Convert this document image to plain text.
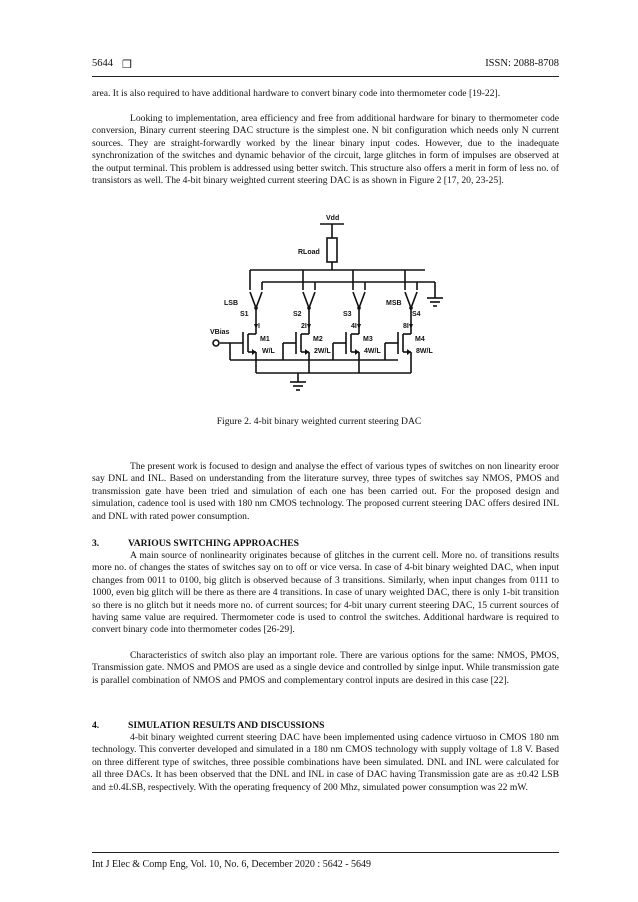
5644 ❒	ISSN: 2088-8708

area. It is also required to have additional hardware to convert binary code into thermometer code [19-22].

Looking to implementation, area efficiency and free from additional hardware for binary to thermometer code conversion, Binary current steering DAC structure is the simplest one. N bit configuration which needs only N current sources. They are straight-forwardly worked by the linear binary input codes. However, due to the inadequate synchronization of the switches and dynamic behavior of the circuit, large glitches in form of impulses are observed at the output terminal. This problem is addressed using better switch. This structure also offers a merit in form of less no. of transistors as well. The 4-bit binary weighted current steering DAC is as shown in Figure 2 [17, 20, 23-25].

Vdd
RLoad
LSB	MSB
S1	S2	S3	S4
I	2I	4I	8I
VBias
M1	M2	M3	M4
W/L	2W/L	4W/L	8W/L
Figure 2. 4-bit binary weighted current steering DAC

The present work is focused to design and analyse the effect of various types of switches on non linearity eroor say DNL and INL. Based on understanding from the literature survey, three types of switches say NMOS, PMOS and transmission gate have been tried and simulation of each one has been carried out. For the proposed design and simulation, cadence tool is used with 180 nm CMOS technology. The proposed current steering DAC offers desired INL and DNL with rated power consumption.

3.	VARIOUS SWITCHING APPROACHES

A main source of nonlinearity originates because of glitches in the current cell. More no. of transitions results more no. of changes the states of switches say on to off or vice versa. In case of 4-bit binary weighted DAC, when input changes from 0011 to 0100, big glitch is observed because of 3 transitions. Similarly, when input changes from 0111 to 1000, even big glitch will be there as there are 4 transitions. In case of unary weighted DAC, there is only 1-bit transition so there is no glitch but it needs more no. of current sources; for 4-bit unary current steering DAC, 15 current sources of having same value are required. Thermometer code is used to control the switches. Additional hardware is required to convert binary code into thermometer codes [26-29].

Characteristics of switch also play an important role. There are various options for the same: NMOS, PMOS, Transmission gate. NMOS and PMOS are used as a single device and controlled by sinlge input. While transmission gate is parallel combination of NMOS and PMOS and complementary control inputs are desired in this case [22].

4.	SIMULATION RESULTS AND DISCUSSIONS

4-bit binary weighted current steering DAC have been implemented using cadence virtuoso in CMOS 180 nm technology. This converter developed and simulated in a 180 nm CMOS technology with supply voltage of 1.8 V. Based on three different type of switches, three possible combinations have been simulated. DNL and INL were calculated for all three DACs. It has been observed that the DNL and INL in case of DAC having Transmission gate are as ±0.42 LSB and ±0.4LSB, respectively. With the operating frequency of 200 Mhz, simulated power consumption was 22 mW.

Int J Elec & Comp Eng, Vol. 10, No. 6, December 2020 : 5642 - 5649
